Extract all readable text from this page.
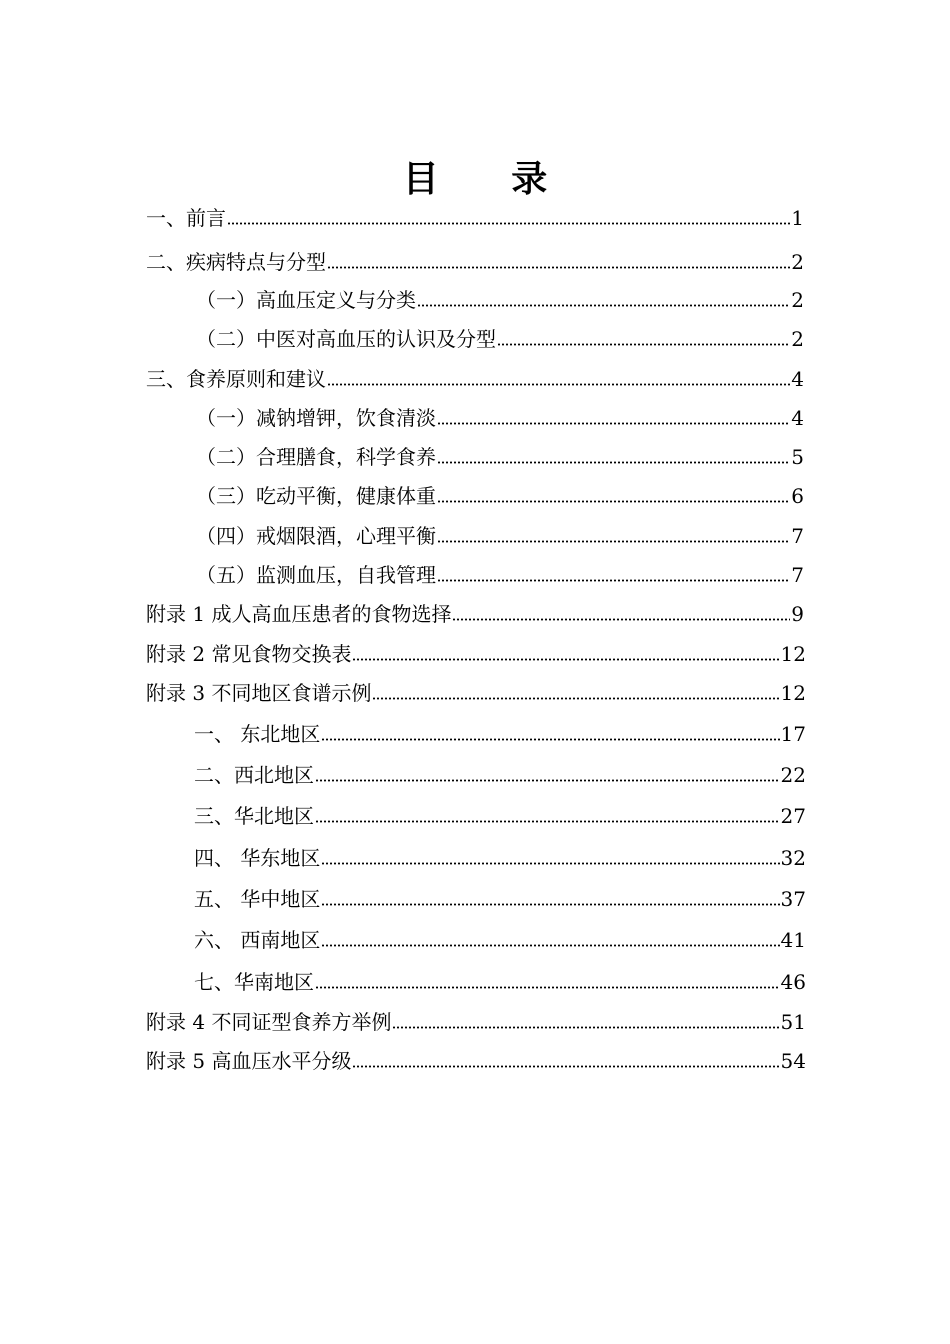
目 录
一、前言	1
二、疾病特点与分型	2
（一）高血压定义与分类	2
（二）中医对高血压的认识及分型	2
三、食养原则和建议	4
（一）减钠增钾，饮食清淡	4
（二）合理膳食，科学食养	5
（三）吃动平衡，健康体重	6
（四）戒烟限酒，心理平衡	7
（五）监测血压，自我管理	7
附录 1 成人高血压患者的食物选择	9
附录 2 常见食物交换表	12
附录 3 不同地区食谱示例	12
一、 东北地区	17
二、西北地区	22
三、华北地区	27
四、 华东地区	32
五、 华中地区	37
六、 西南地区	41
七、华南地区	46
附录 4 不同证型食养方举例	51
附录 5 高血压水平分级	54
